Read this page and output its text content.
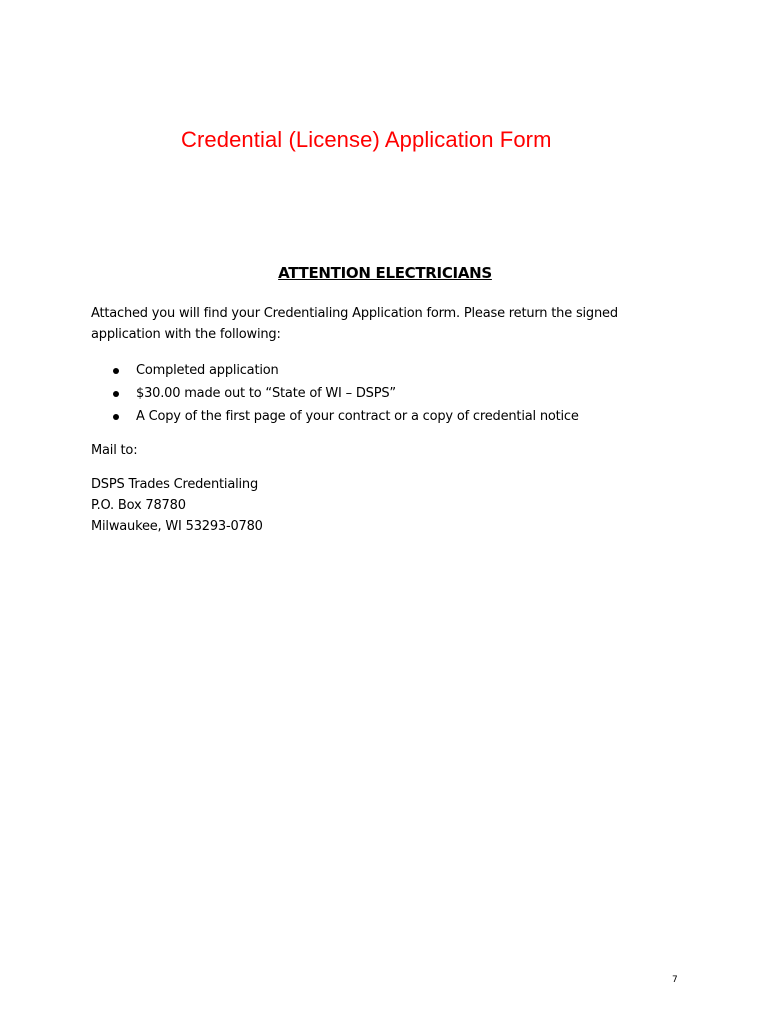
Credential (License) Application Form
ATTENTION ELECTRICIANS
Attached you will find your Credentialing Application form. Please return the signed application with the following:
Completed application
$30.00 made out to “State of WI – DSPS”
A Copy of the first page of your contract or a copy of credential notice
Mail to:
DSPS Trades Credentialing
P.O. Box 78780
Milwaukee, WI 53293-0780
7
